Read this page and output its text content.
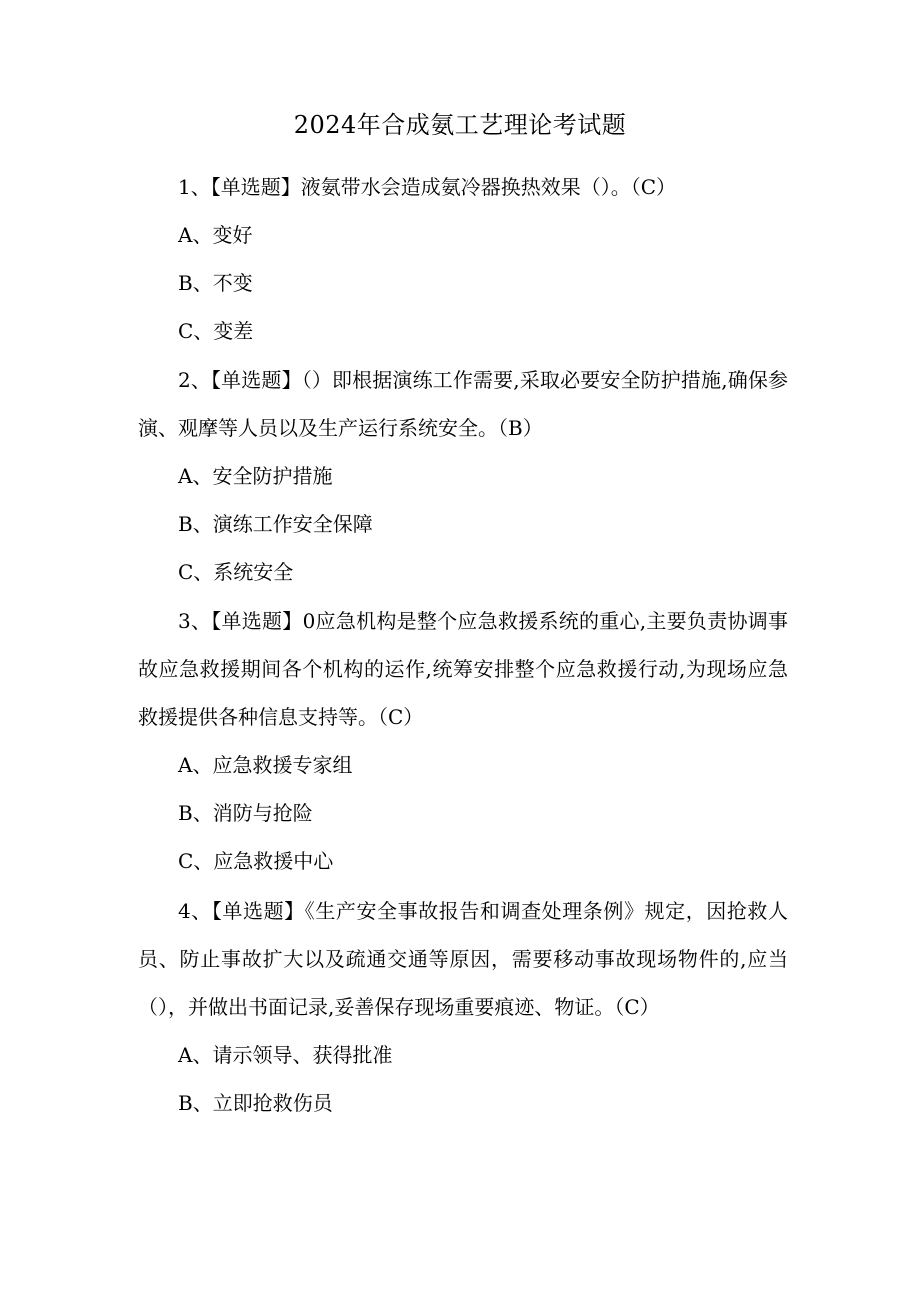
2024年合成氨工艺理论考试题

1、【单选题】液氨带水会造成氨冷器换热效果（）。（C）

A、变好

B、不变

C、变差

2、【单选题】（）即根据演练工作需要,采取必要安全防护措施,确保参演、观摩等人员以及生产运行系统安全。（B）

A、安全防护措施

B、演练工作安全保障

C、系统安全

3、【单选题】0应急机构是整个应急救援系统的重心,主要负责协调事故应急救援期间各个机构的运作,统筹安排整个应急救援行动,为现场应急救援提供各种信息支持等。（C）

A、应急救援专家组

B、消防与抢险

C、应急救援中心

4、【单选题】《生产安全事故报告和调查处理条例》规定，因抢救人员、防止事故扩大以及疏通交通等原因，需要移动事故现场物件的,应当（），并做出书面记录,妥善保存现场重要痕迹、物证。（C）

A、请示领导、获得批准

B、立即抢救伤员
